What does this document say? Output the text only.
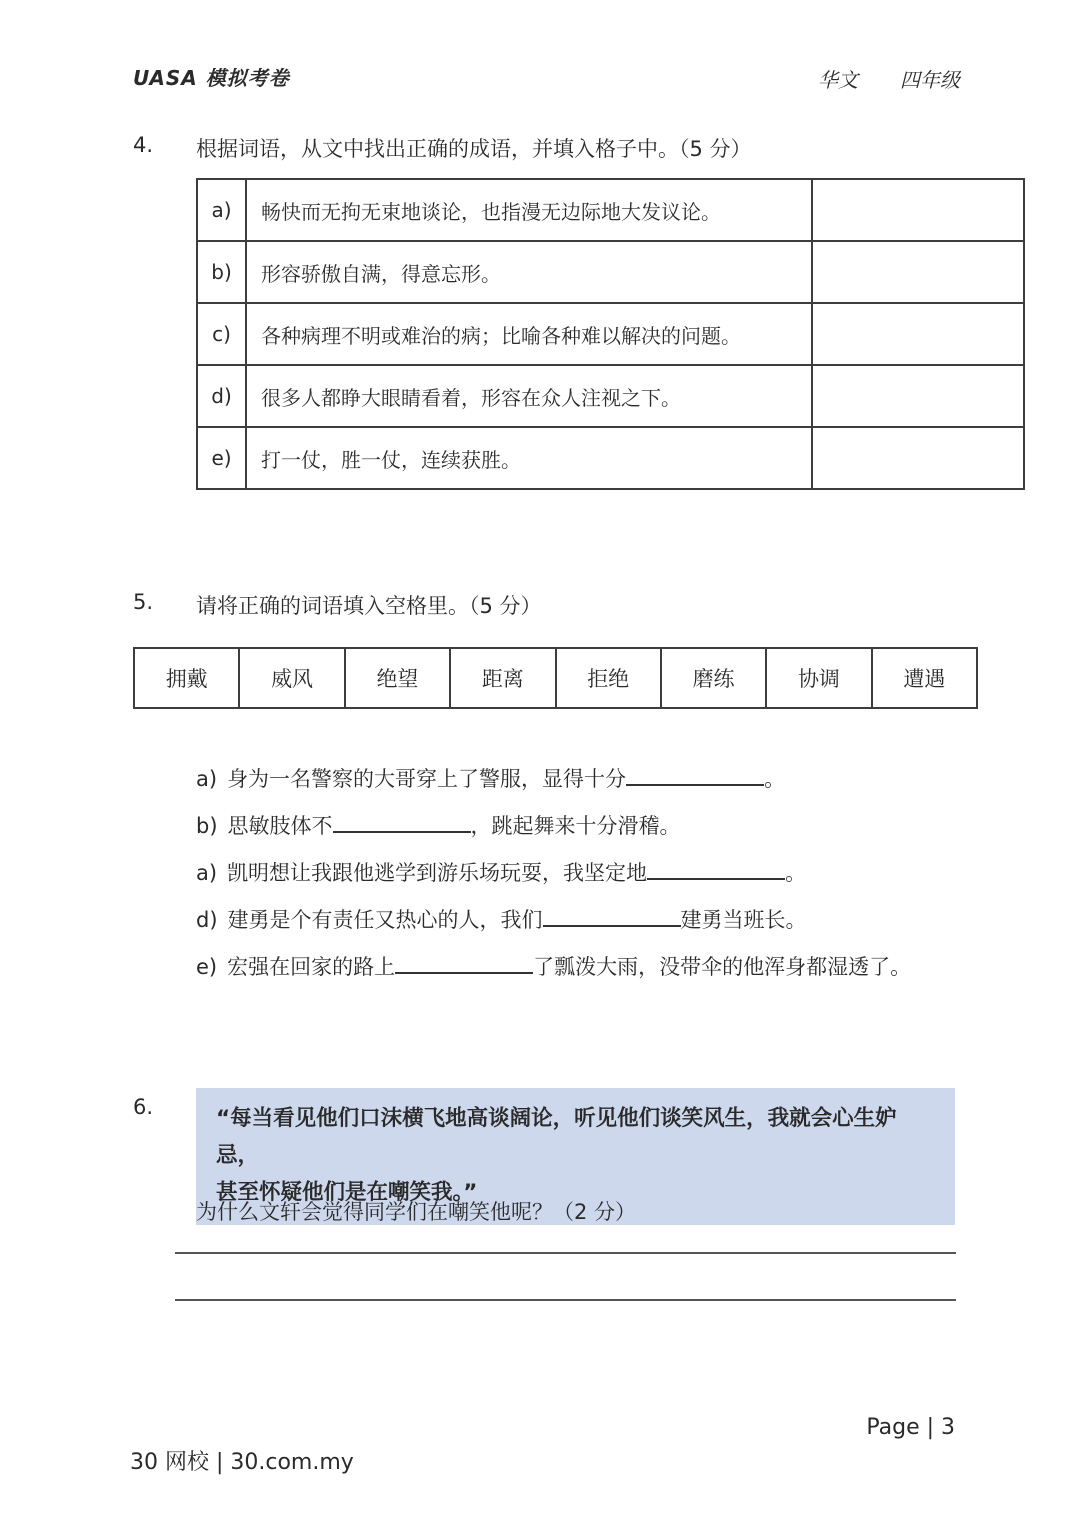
UASA 模拟考卷	华文 四年级
4. 根据词语，从文中找出正确的成语，并填入格子中。（5 分）
a)	畅快而无拘无束地谈论，也指漫无边际地大发议论。	
b)	形容骄傲自满，得意忘形。	
c)	各种病理不明或难治的病；比喻各种难以解决的问题。	
d)	很多人都睁大眼睛看着，形容在众人注视之下。	
e)	打一仗，胜一仗，连续获胜。	
5. 请将正确的词语填入空格里。（5 分）
拥戴	威风	绝望	距离	拒绝	磨练	协调	遭遇
a) 身为一名警察的大哥穿上了警服，显得十分	。
b) 思敏肢体不	，跳起舞来十分滑稽。
a) 凯明想让我跟他逃学到游乐场玩耍，我坚定地	。
d) 建勇是个有责任又热心的人，我们	建勇当班长。
e) 宏强在回家的路上	了瓢泼大雨，没带伞的他浑身都湿透了。
6.	“每当看见他们口沫横飞地高谈阔论，听见他们谈笑风生，我就会心生妒忌，
甚至怀疑他们是在嘲笑我。”
为什么文轩会觉得同学们在嘲笑他呢？（2 分）
Page | 3
30 网校 | 30.com.my
